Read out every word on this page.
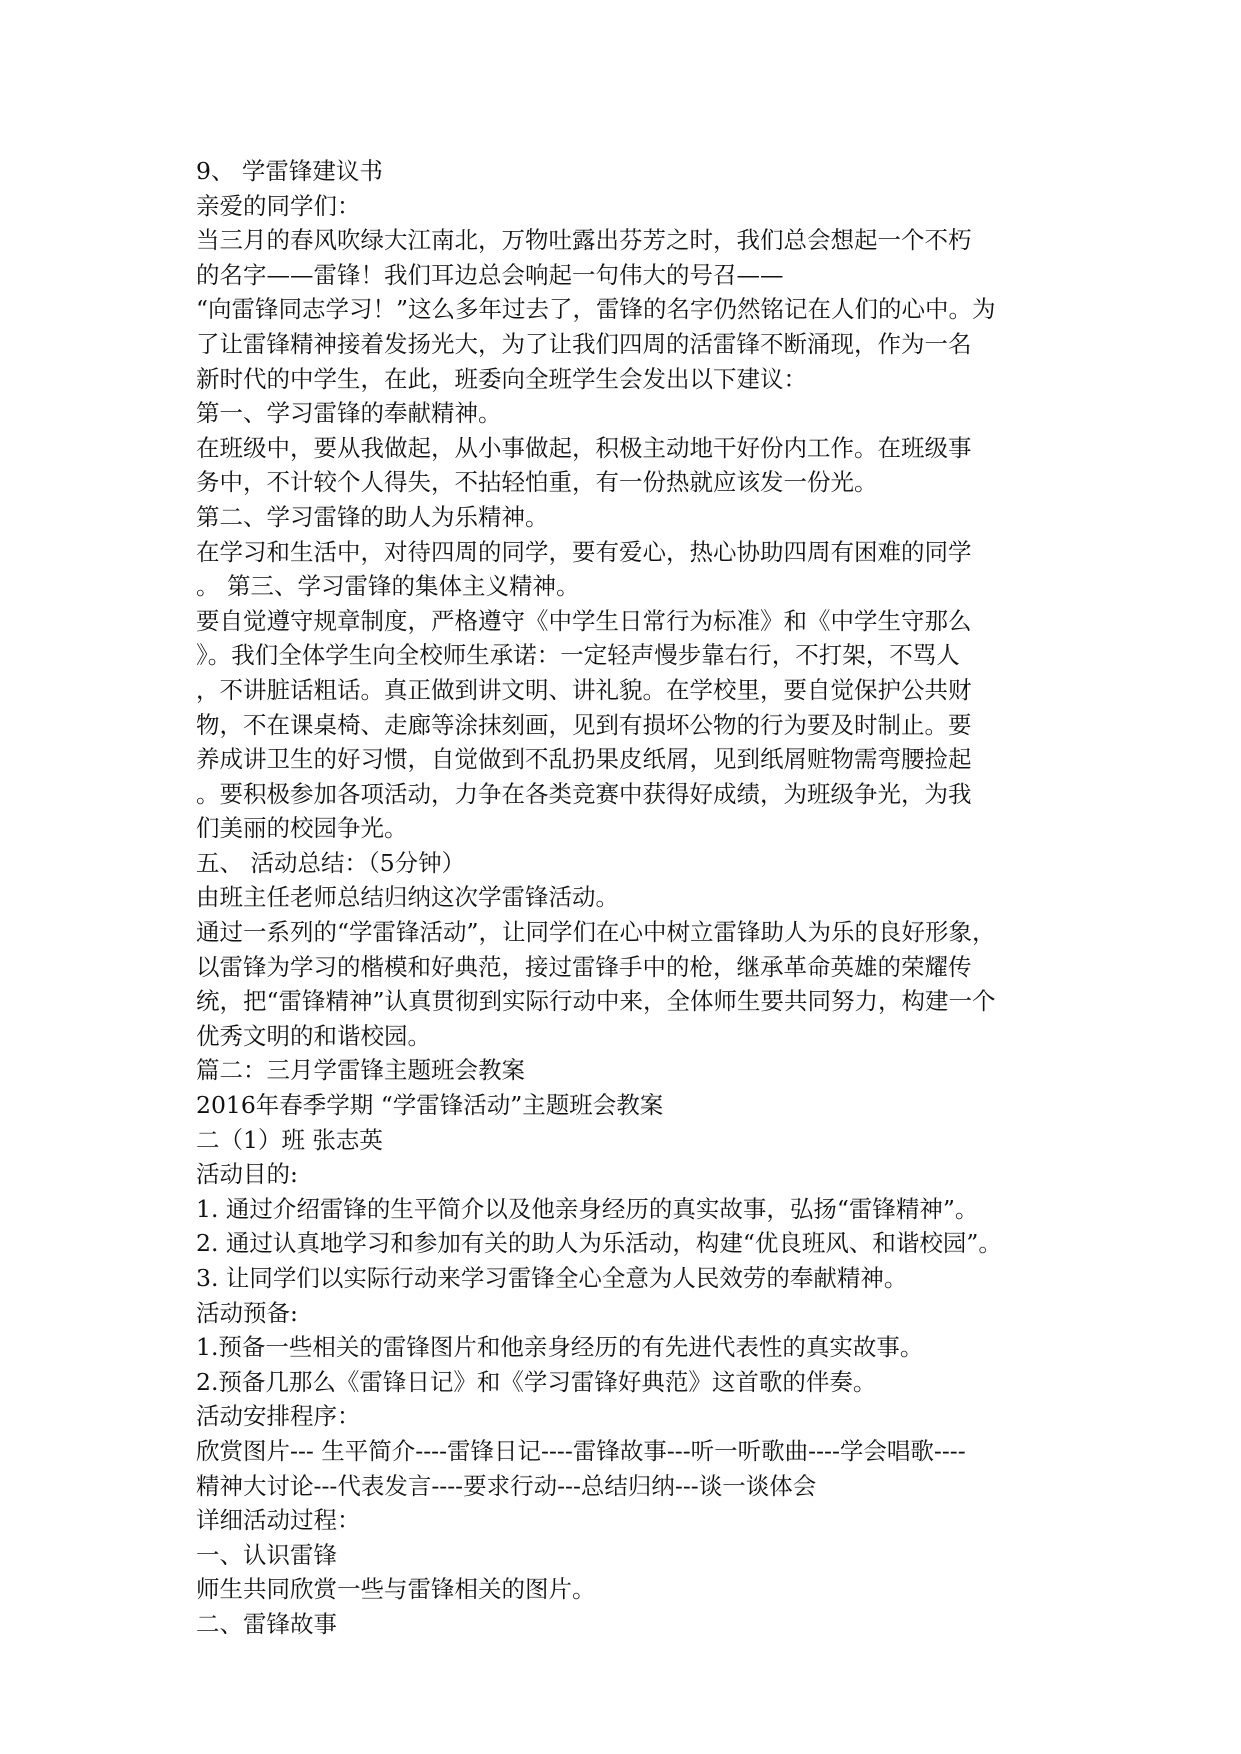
9、 学雷锋建议书
亲爱的同学们：
当三月的春风吹绿大江南北，万物吐露出芬芳之时，我们总会想起一个不朽
的名字——雷锋！我们耳边总会响起一句伟大的号召——
“向雷锋同志学习！”这么多年过去了，雷锋的名字仍然铭记在人们的心中。为
了让雷锋精神接着发扬光大，为了让我们四周的活雷锋不断涌现，作为一名
新时代的中学生，在此，班委向全班学生会发出以下建议：
第一、学习雷锋的奉献精神。
在班级中，要从我做起，从小事做起，积极主动地干好份内工作。在班级事
务中，不计较个人得失，不拈轻怕重，有一份热就应该发一份光。
第二、学习雷锋的助人为乐精神。
在学习和生活中，对待四周的同学，要有爱心，热心协助四周有困难的同学
。 第三、学习雷锋的集体主义精神。
要自觉遵守规章制度，严格遵守《中学生日常行为标准》和《中学生守那么
》。我们全体学生向全校师生承诺：一定轻声慢步靠右行，不打架，不骂人
，不讲脏话粗话。真正做到讲文明、讲礼貌。在学校里，要自觉保护公共财
物，不在课桌椅、走廊等涂抹刻画，见到有损坏公物的行为要及时制止。要
养成讲卫生的好习惯，自觉做到不乱扔果皮纸屑，见到纸屑赃物需弯腰捡起
。要积极参加各项活动，力争在各类竞赛中获得好成绩，为班级争光，为我
们美丽的校园争光。
五、 活动总结：（5分钟）
由班主任老师总结归纳这次学雷锋活动。
通过一系列的“学雷锋活动”，让同学们在心中树立雷锋助人为乐的良好形象，
以雷锋为学习的楷模和好典范，接过雷锋手中的枪，继承革命英雄的荣耀传
统，把“雷锋精神”认真贯彻到实际行动中来，全体师生要共同努力，构建一个
优秀文明的和谐校园。
篇二：三月学雷锋主题班会教案
2016年春季学期 “学雷锋活动”主题班会教案
二（1）班 张志英
活动目的:
1. 通过介绍雷锋的生平简介以及他亲身经历的真实故事，弘扬“雷锋精神”。
2. 通过认真地学习和参加有关的助人为乐活动，构建“优良班风、和谐校园”。
3. 让同学们以实际行动来学习雷锋全心全意为人民效劳的奉献精神。
活动预备:
1.预备一些相关的雷锋图片和他亲身经历的有先进代表性的真实故事。
2.预备几那么《雷锋日记》和《学习雷锋好典范》这首歌的伴奏。
活动安排程序：
欣赏图片--- 生平简介----雷锋日记----雷锋故事---听一听歌曲----学会唱歌----
精神大讨论---代表发言----要求行动---总结归纳---谈一谈体会
详细活动过程：
一、认识雷锋
师生共同欣赏一些与雷锋相关的图片。
二、雷锋故事
